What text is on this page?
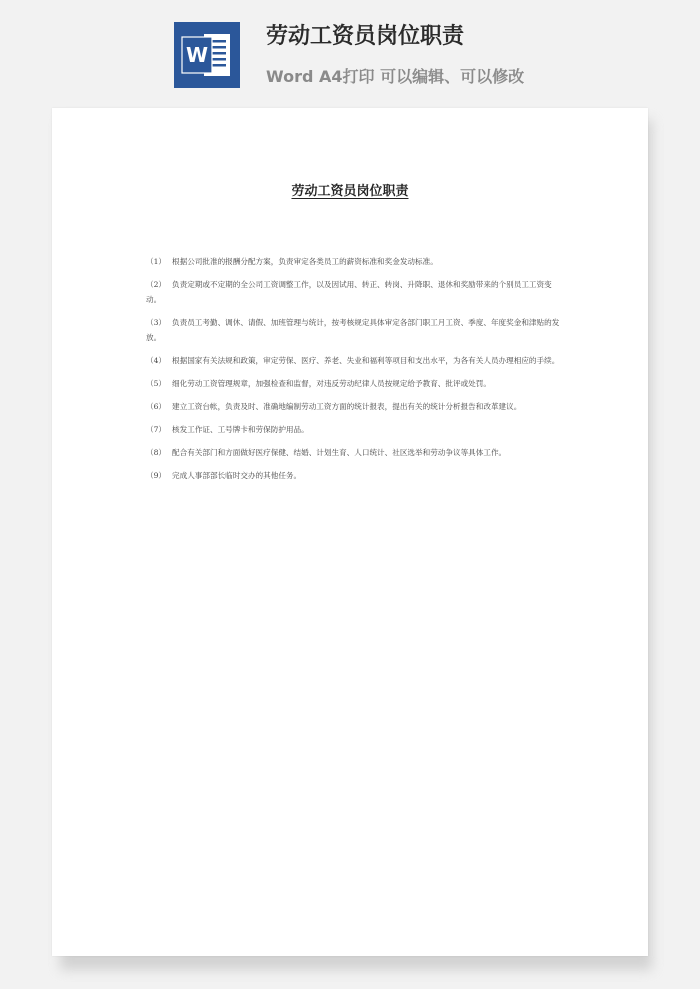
W
劳动工资员岗位职责
Word A4打印 可以编辑、可以修改
劳动工资员岗位职责
（1） 根据公司批准的报酬分配方案，负责审定各类员工的薪资标准和奖金发动标准。
（2） 负责定期或不定期的全公司工资调整工作，以及因试用、转正、转岗、升降职、退休和奖励带来的个别员工工资变动。
（3） 负责员工考勤、调休、请假、加班管理与统计，按考核规定具体审定各部门职工月工资、季度、年度奖金和津贴的发放。
（4） 根据国家有关法规和政策，审定劳保、医疗、养老、失业和福利等项目和支出水平，为各有关人员办理相应的手续。
（5） 细化劳动工资管理规章，加强检查和监督，对违反劳动纪律人员按规定给予教育、批评或处罚。
（6） 建立工资台帐，负责及时、准确地编制劳动工资方面的统计报表，提出有关的统计分析报告和改革建议。
（7） 核发工作证、工号牌卡和劳保防护用品。
（8） 配合有关部门和方面做好医疗保健、结婚、计划生育、人口统计、社区选举和劳动争议等具体工作。
（9） 完成人事部部长临时交办的其他任务。
